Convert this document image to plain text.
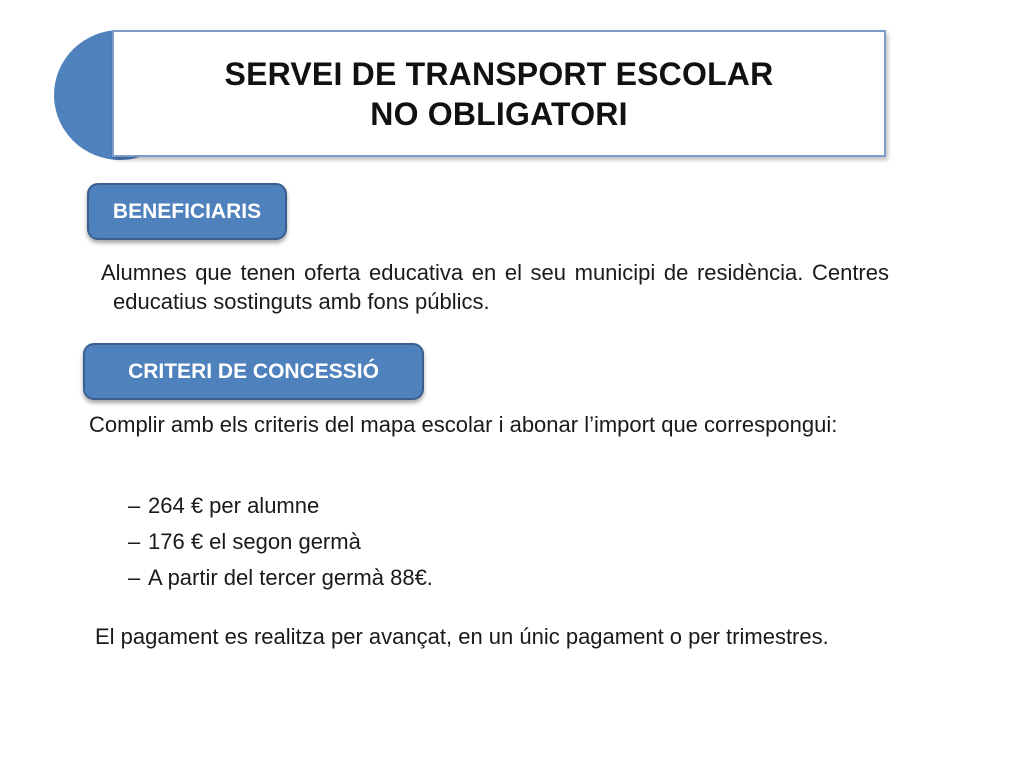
SERVEI DE TRANSPORT ESCOLAR
NO OBLIGATORI
BENEFICIARIS
Alumnes que tenen oferta educativa en el seu municipi de residència. Centres educatius sostinguts amb fons públics.
CRITERI DE CONCESSIÓ
Complir amb els criteris del mapa escolar i abonar l’import que correspongui:
– 264 € per alumne
– 176 € el segon germà
– A partir del tercer germà 88€.
El pagament es realitza per avançat, en un únic pagament o per trimestres.
